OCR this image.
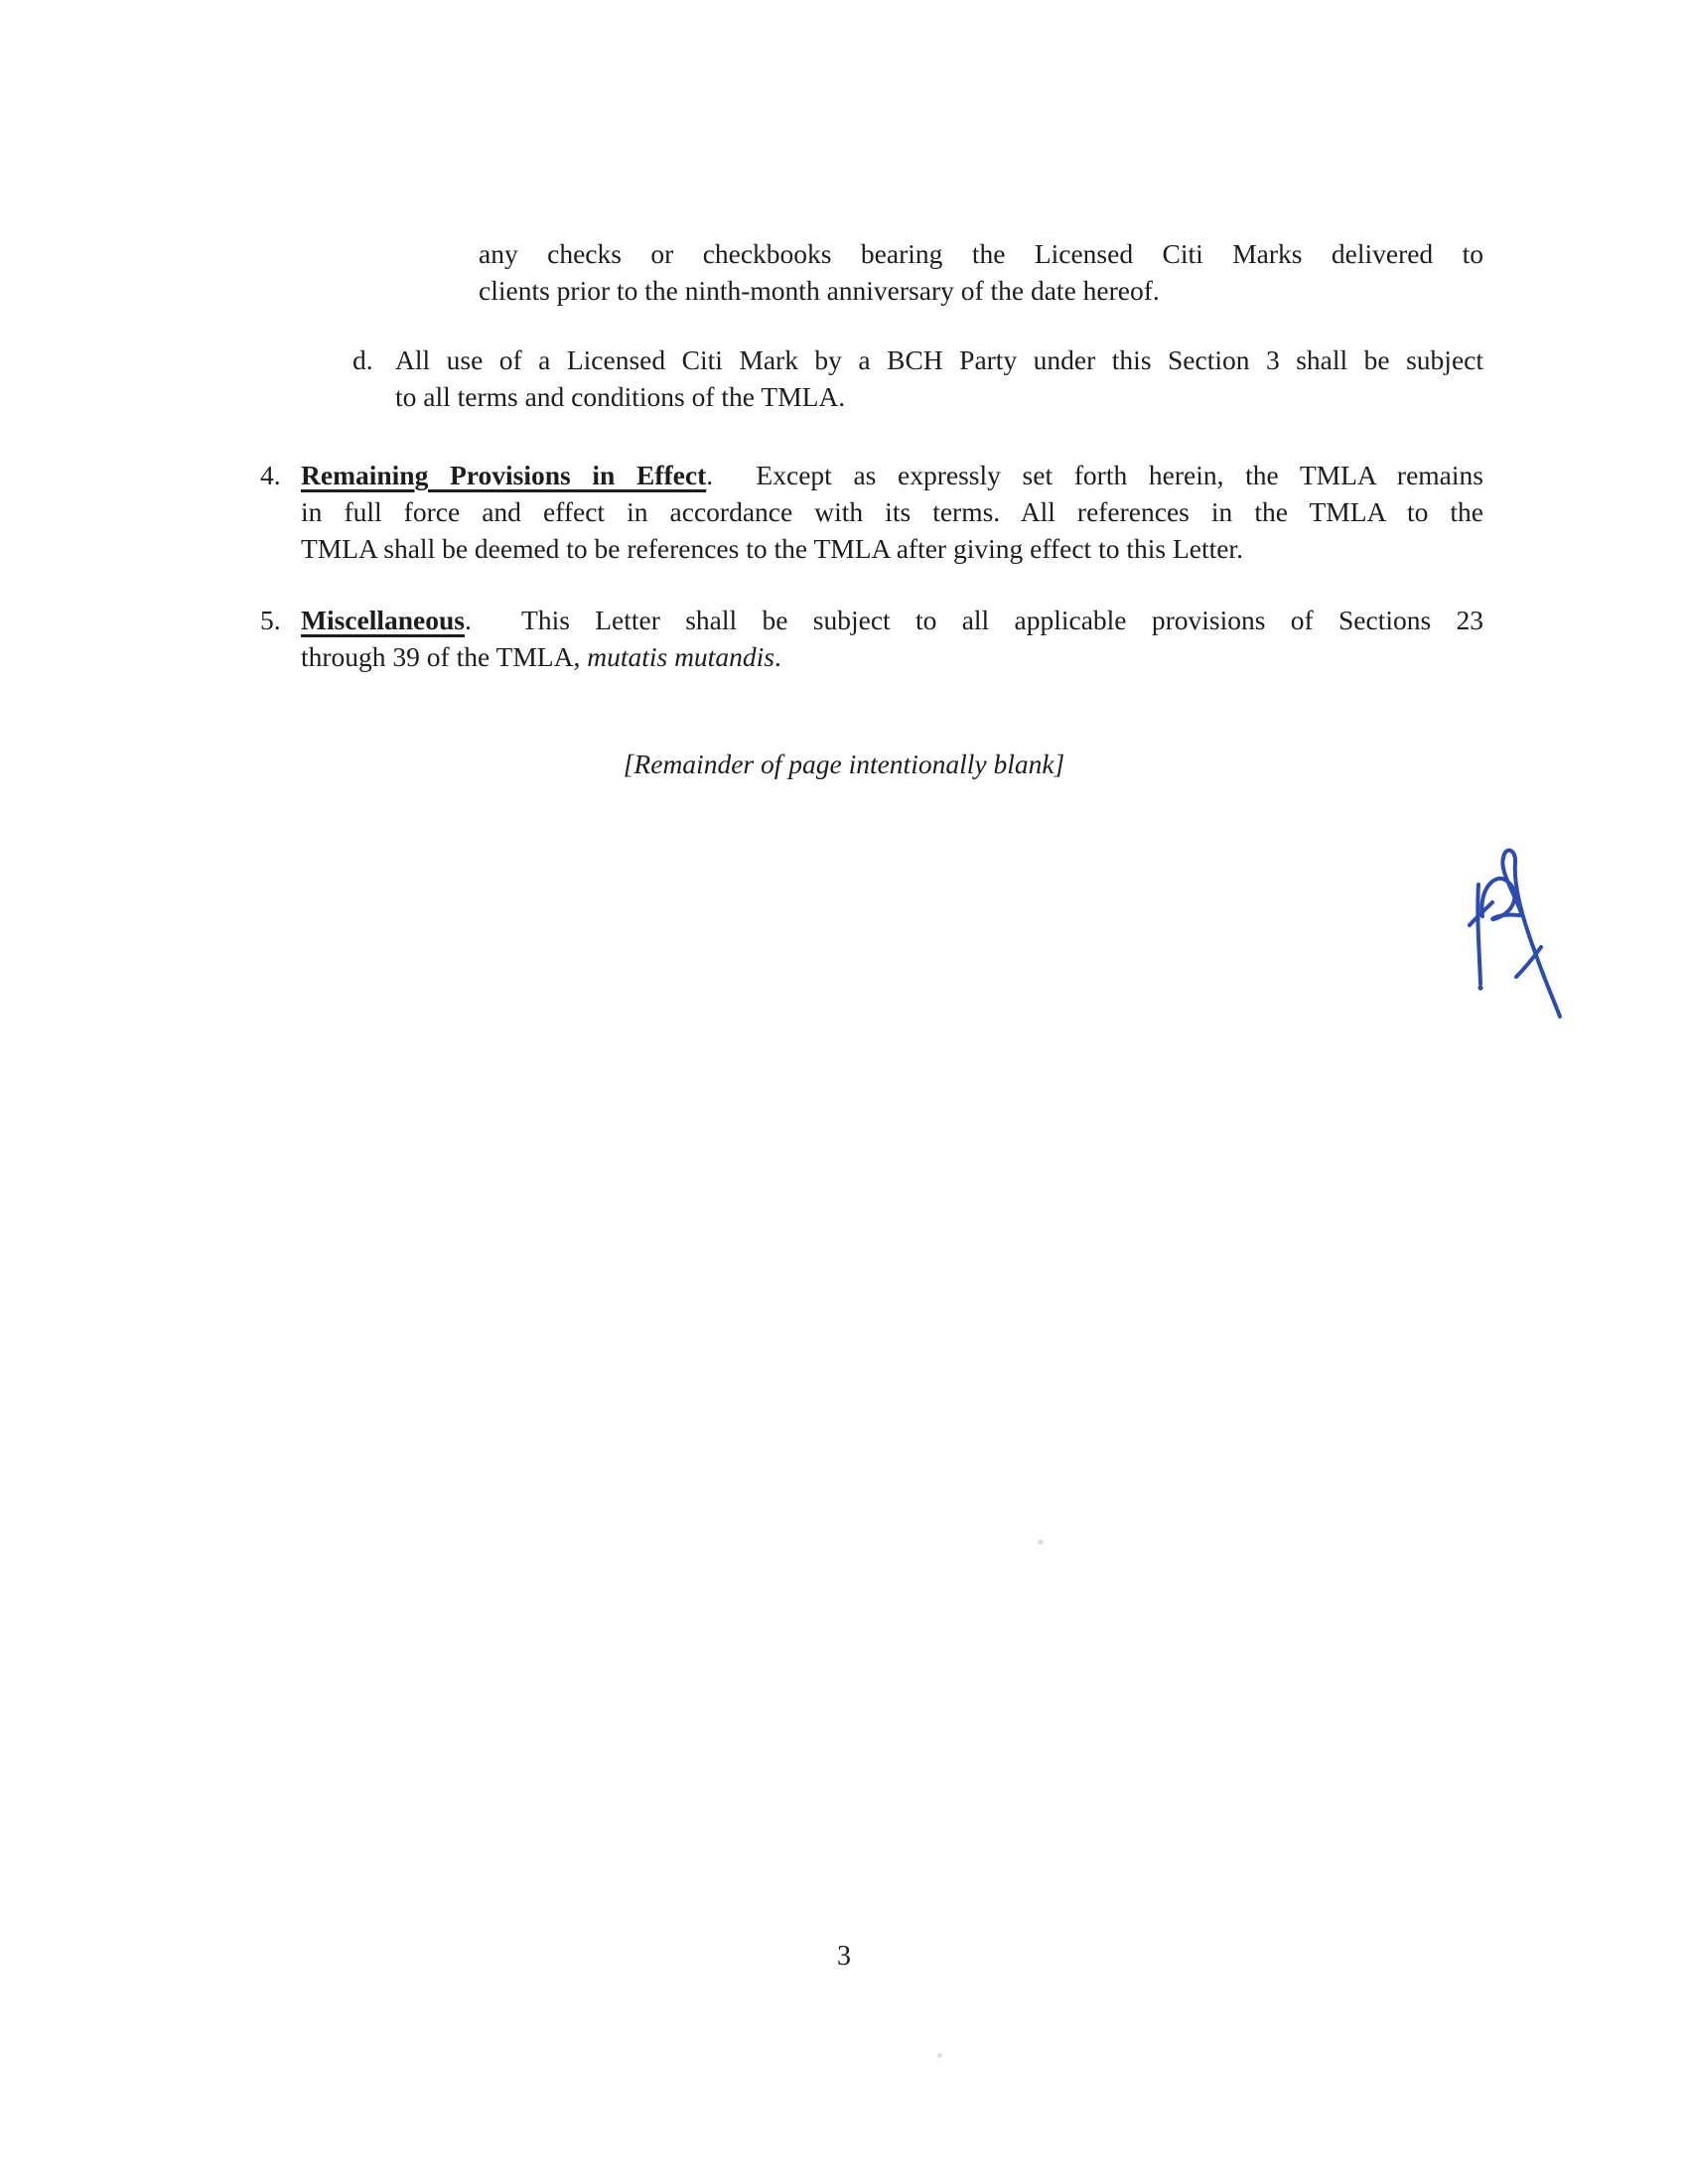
any checks or checkbooks bearing the Licensed Citi Marks delivered to
clients prior to the ninth-month anniversary of the date hereof.
d. All use of a Licensed Citi Mark by a BCH Party under this Section 3 shall be subject
to all terms and conditions of the TMLA.
4. Remaining Provisions in Effect.  Except as expressly set forth herein, the TMLA remains
in full force and effect in accordance with its terms. All references in the TMLA to the
TMLA shall be deemed to be references to the TMLA after giving effect to this Letter.
5. Miscellaneous.  This Letter shall be subject to all applicable provisions of Sections 23
through 39 of the TMLA, mutatis mutandis.
[Remainder of page intentionally blank]
3
